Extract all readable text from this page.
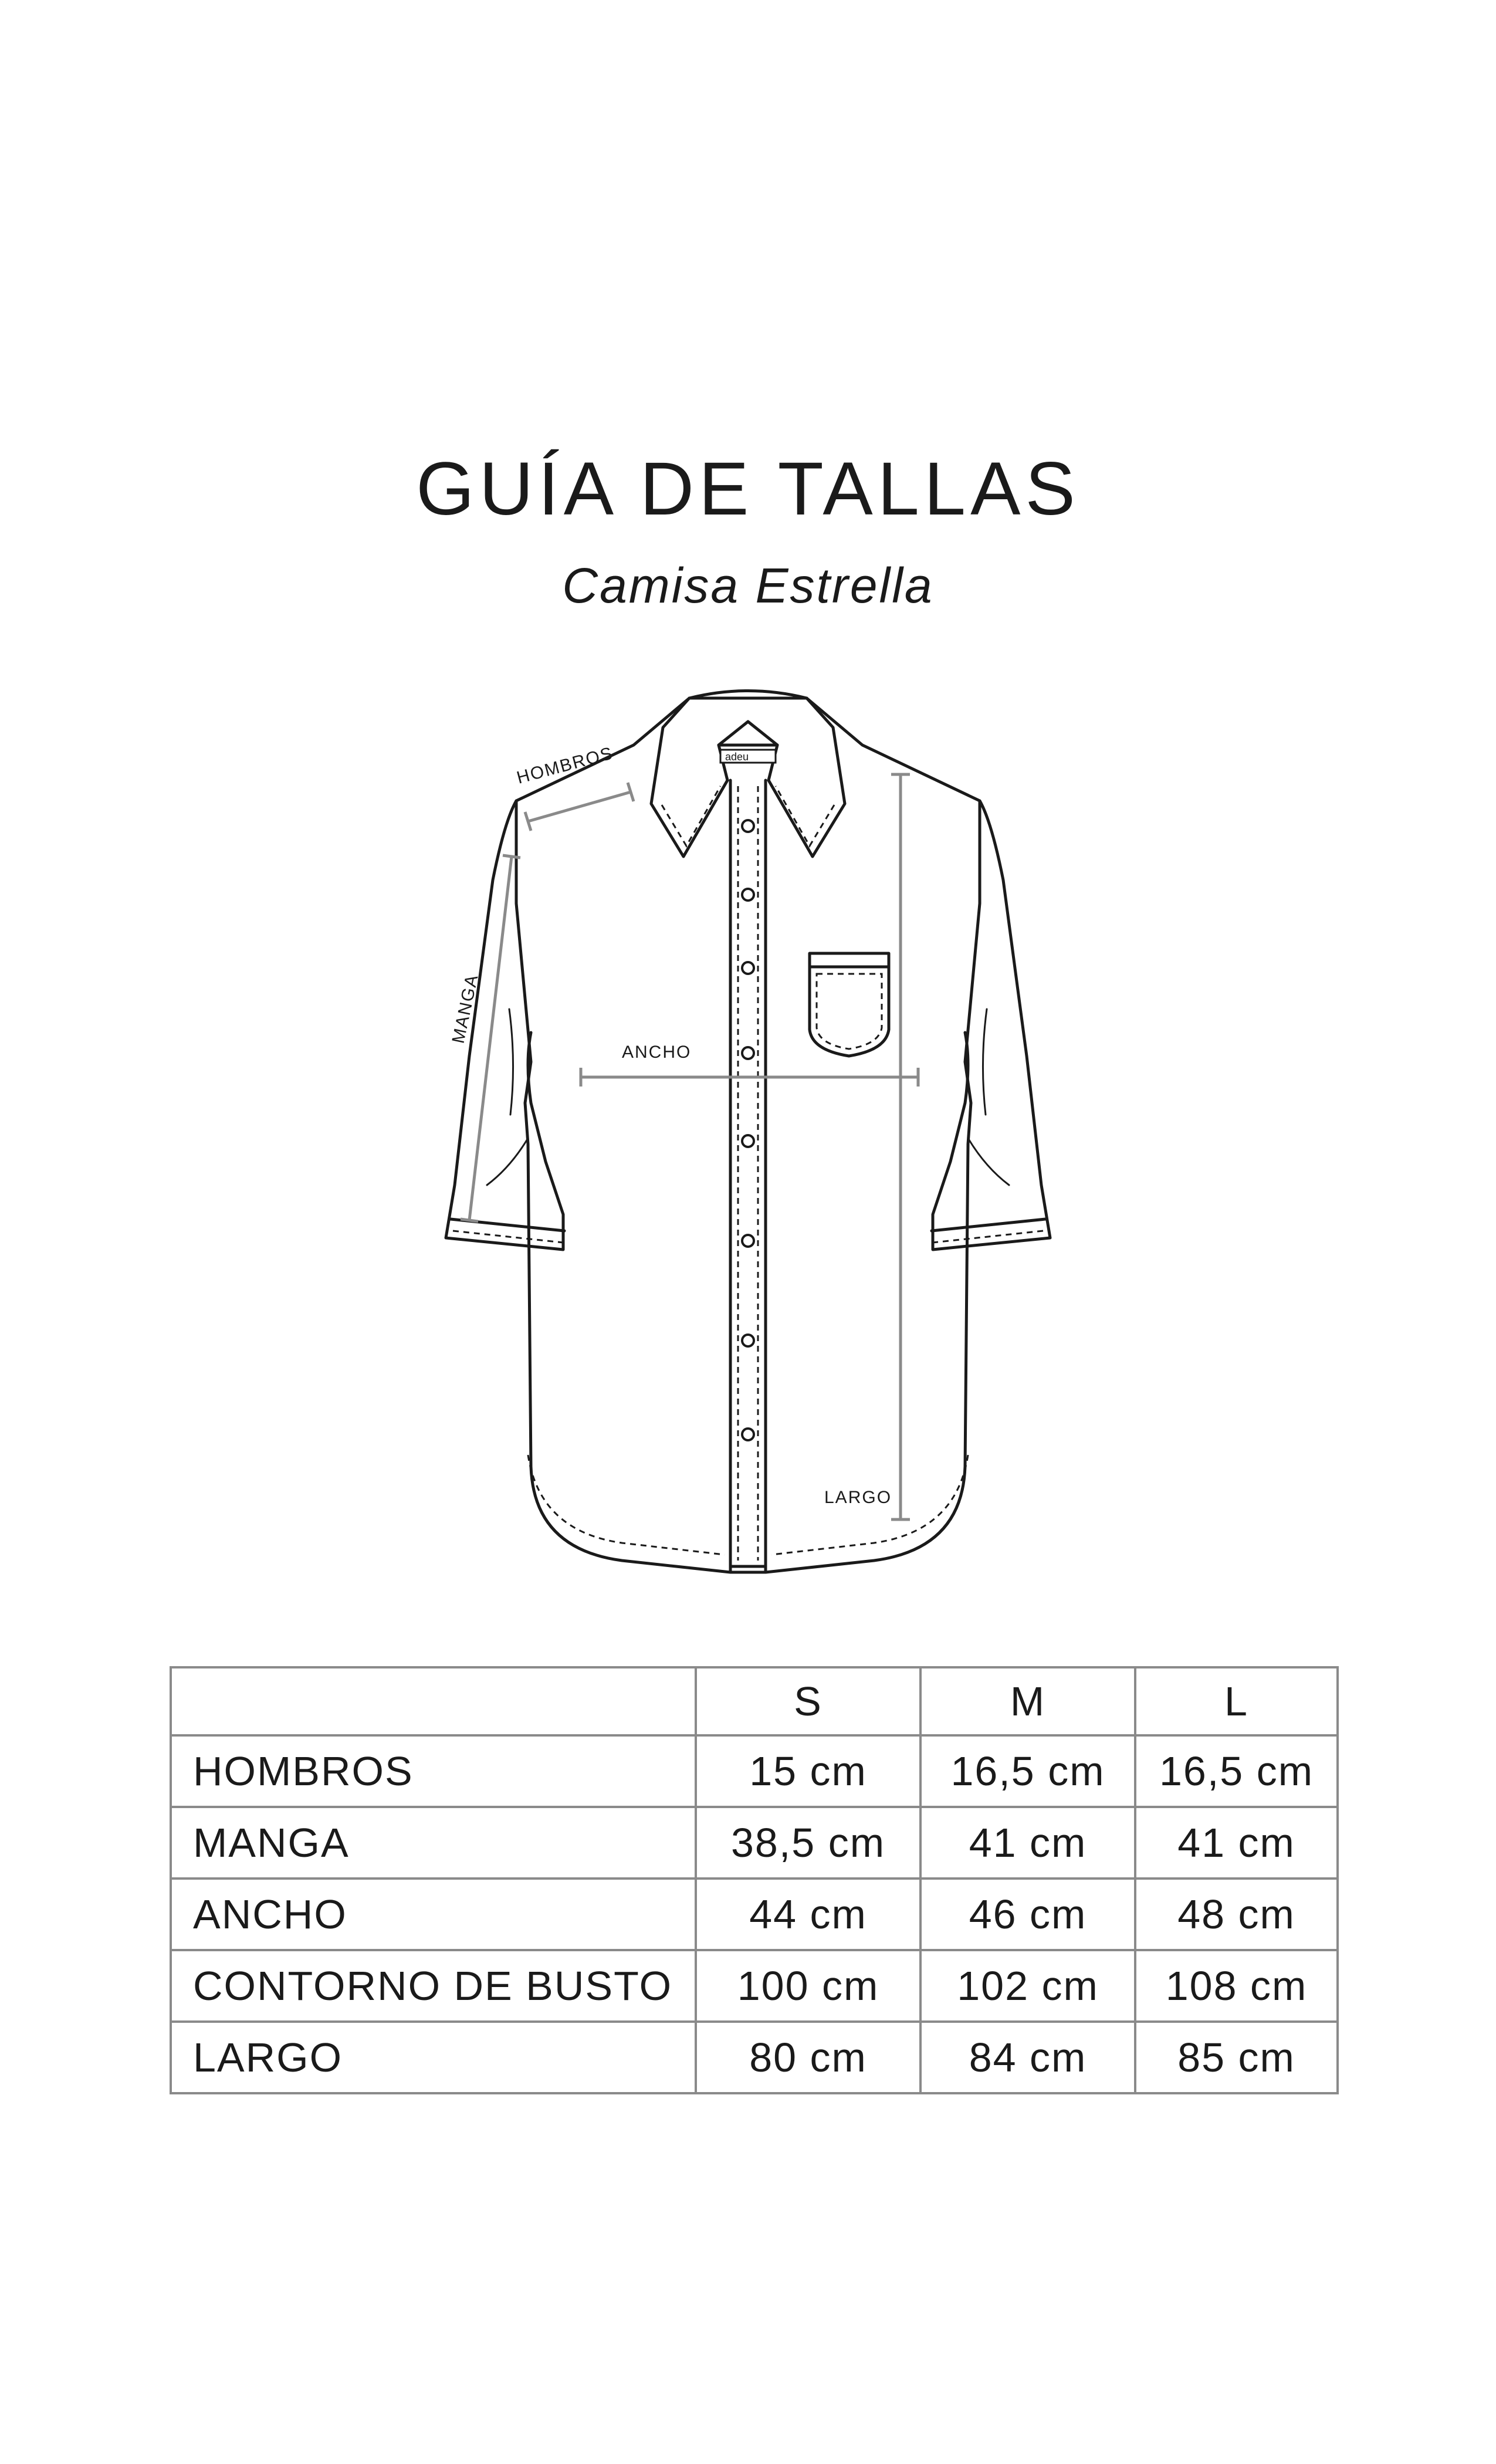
GUÍA DE TALLAS
Camisa Estrella
adeu
HOMBROS
MANGA
ANCHO
LARGO
	S	M	L
HOMBROS	15 cm	16,5 cm	16,5 cm
MANGA	38,5 cm	41 cm	41 cm
ANCHO	44 cm	46 cm	48 cm
CONTORNO DE BUSTO	100 cm	102 cm	108 cm
LARGO	80 cm	84 cm	85 cm
